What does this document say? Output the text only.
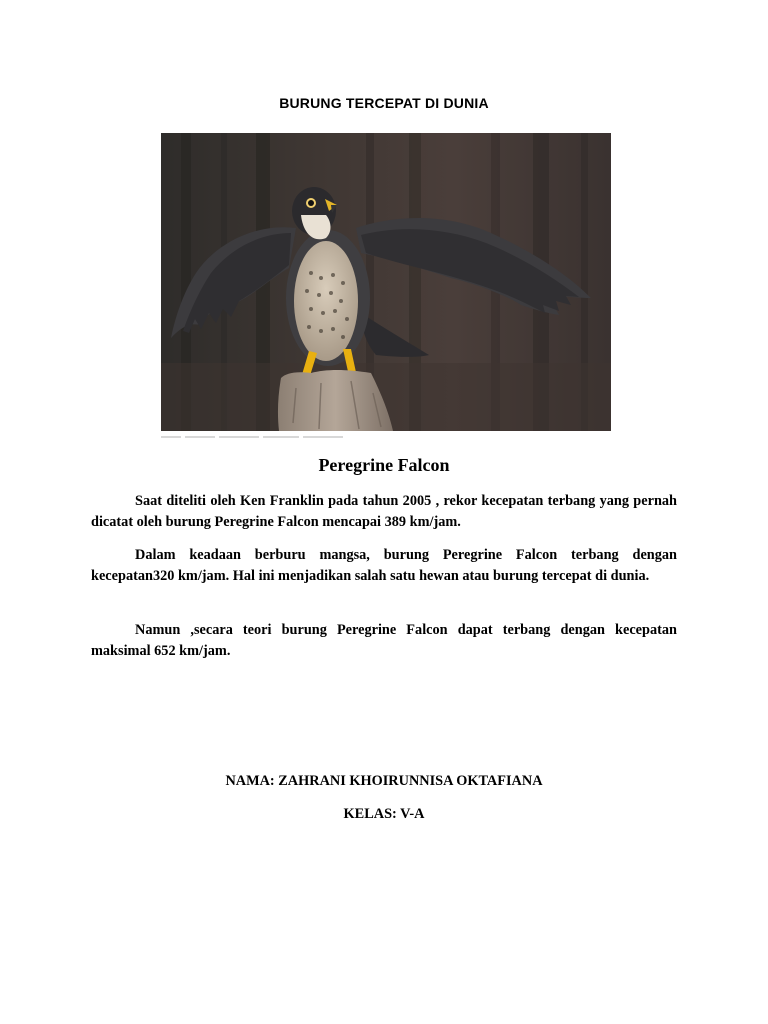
BURUNG TERCEPAT DI DUNIA
Peregrine Falcon

Saat diteliti oleh Ken Franklin pada tahun 2005 , rekor kecepatan terbang yang pernah dicatat oleh burung Peregrine Falcon mencapai 389 km/jam.

Dalam keadaan berburu mangsa, burung Peregrine Falcon terbang dengan kecepatan320 km/jam. Hal ini menjadikan salah satu hewan atau burung tercepat di dunia.

Namun ,secara teori burung Peregrine Falcon dapat terbang dengan kecepatan maksimal 652 km/jam.

NAMA: ZAHRANI KHOIRUNNISA OKTAFIANA
KELAS: V-A
